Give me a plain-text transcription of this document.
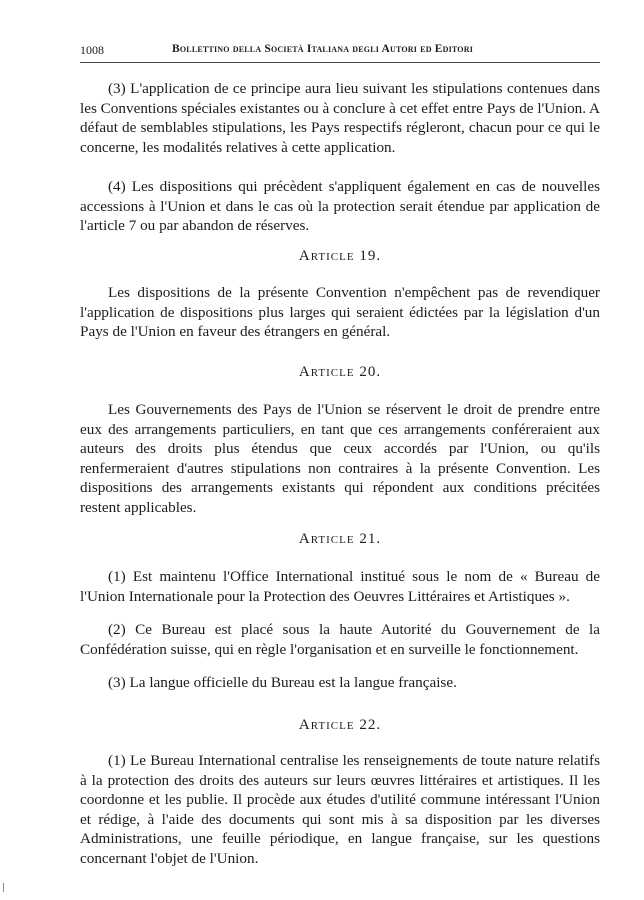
1008	Bollettino della Società Italiana degli Autori ed Editori

(3) L'application de ce principe aura lieu suivant les stipulations contenues dans les Conventions spéciales existantes ou à conclure à cet effet entre Pays de l'Union. A défaut de semblables stipulations, les Pays respectifs régleront, chacun pour ce qui le concerne, les modalités relatives à cette application.

(4) Les dispositions qui précèdent s'appliquent également en cas de nouvelles accessions à l'Union et dans le cas où la protection serait étendue par application de l'article 7 ou par abandon de réserves.

Article 19.

Les dispositions de la présente Convention n'empêchent pas de revendiquer l'application de dispositions plus larges qui seraient édictées par la législation d'un Pays de l'Union en faveur des étrangers en général.

Article 20.

Les Gouvernements des Pays de l'Union se réservent le droit de prendre entre eux des arrangements particuliers, en tant que ces arrangements conféreraient aux auteurs des droits plus étendus que ceux accordés par l'Union, ou qu'ils renfermeraient d'autres stipulations non contraires à la présente Convention. Les dispositions des arrangements existants qui répondent aux conditions précitées restent applicables.

Article 21.

(1) Est maintenu l'Office International institué sous le nom de « Bureau de l'Union Internationale pour la Protection des Oeuvres Littéraires et Artistiques ».

(2) Ce Bureau est placé sous la haute Autorité du Gouvernement de la Confédération suisse, qui en règle l'organisation et en surveille le fonctionnement.

(3) La langue officielle du Bureau est la langue française.

Article 22.

(1) Le Bureau International centralise les renseignements de toute nature relatifs à la protection des droits des auteurs sur leurs œuvres littéraires et artistiques. Il les coordonne et les publie. Il procède aux études d'utilité commune intéressant l'Union et rédige, à l'aide des documents qui sont mis à sa disposition par les diverses Administrations, une feuille périodique, en langue française, sur les questions concernant l'objet de l'Union.
